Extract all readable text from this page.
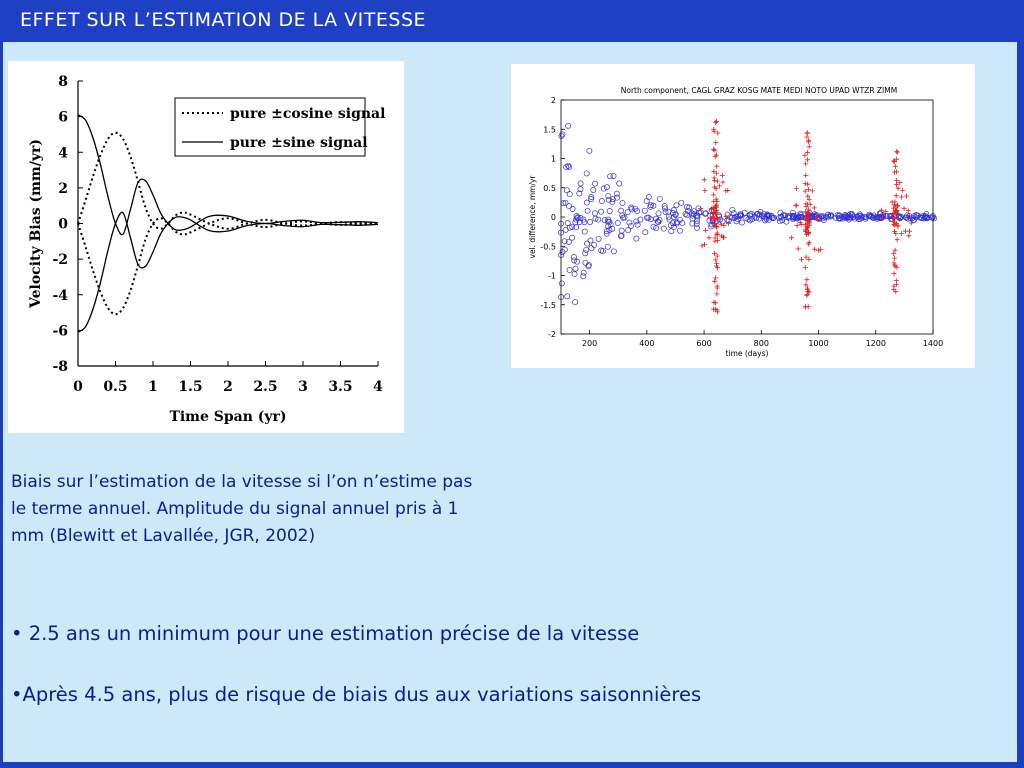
EFFET SUR L’ESTIMATION DE LA VITESSE
8
6
4
2
0
-2
-4
-6
-8
0 0.5 1 1.5 2 2.5 3 3.5 4
Time Span (yr)
Velocity Bias (mm/yr)
pure ±cosine signal
pure ±sine signal
North component, CAGL GRAZ KOSG MATE MEDI NOTO UPAD WTZR ZIMM
time (days)
vel. difference, mm/yr
2
1.5
1
0.5
0
-0.5
-1
-1.5
-2
200	400	600	800	1000	1200	1400
Biais sur l’estimation de la vitesse si l’on n’estime pas le terme annuel. Amplitude du signal annuel pris à 1 mm (Blewitt et Lavallée, JGR, 2002)
• 2.5 ans un minimum pour une estimation précise de la vitesse
•Après 4.5 ans, plus de risque de biais dus aux variations saisonnières
